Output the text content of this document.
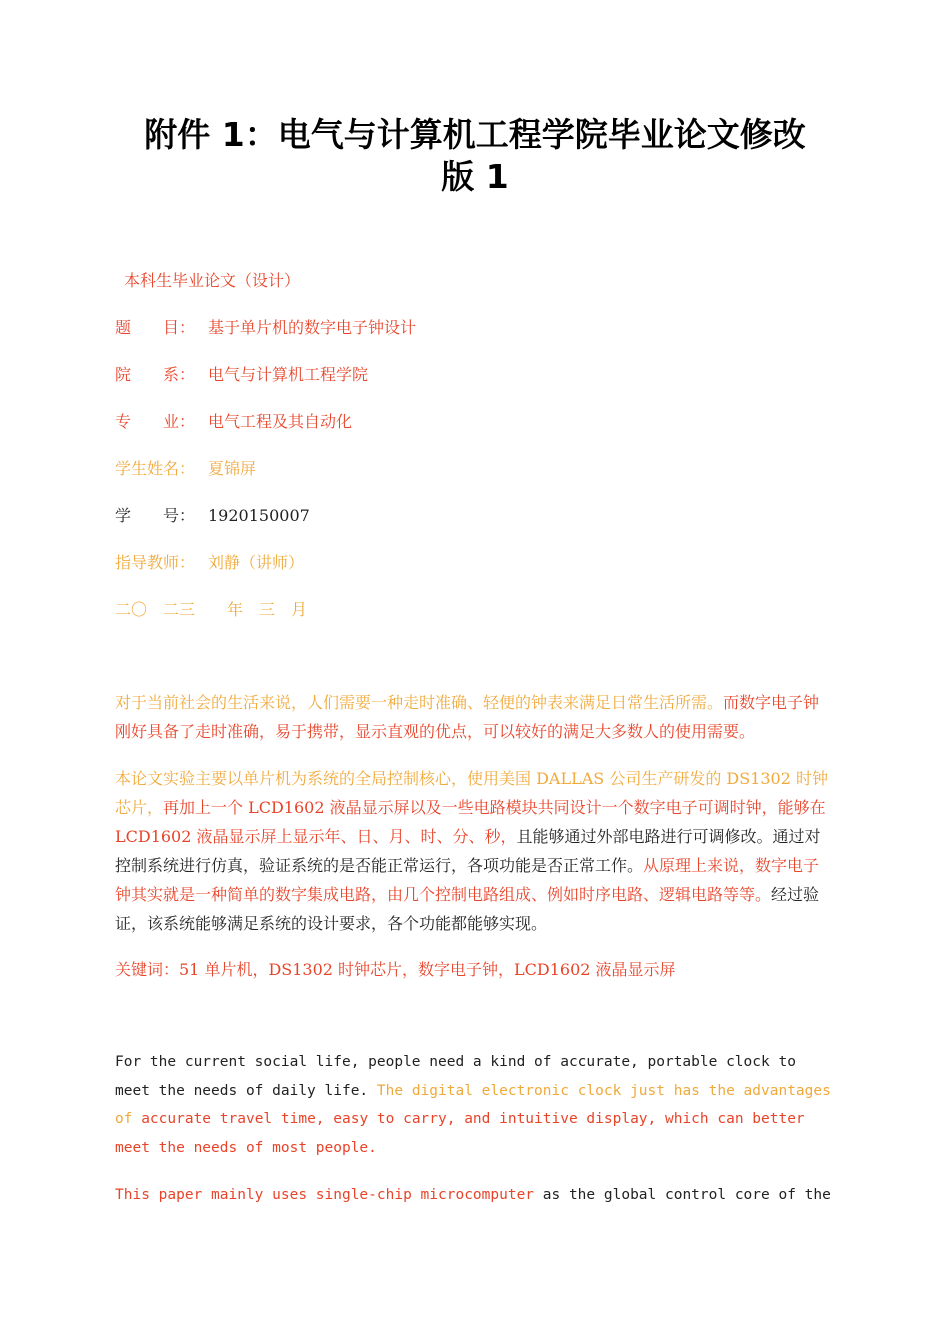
附件 1：电气与计算机工程学院毕业论文修改
版 1
本科生毕业论文（设计）
题　　目： 基于单片机的数字电子钟设计
院　　系： 电气与计算机工程学院
专　　业： 电气工程及其自动化
学生姓名： 夏锦屏
学　　号： 1920150007
指导教师： 刘静（讲师）
二〇　二三　　年　三　月
对于当前社会的生活来说，人们需要一种走时准确、轻便的钟表来满足日常生活所需。而数字电子钟刚好具备了走时准确，易于携带，显示直观的优点，可以较好的满足大多数人的使用需要。
本论文实验主要以单片机为系统的全局控制核心，使用美国 DALLAS 公司生产研发的 DS1302 时钟芯片，再加上一个 LCD1602 液晶显示屏以及一些电路模块共同设计一个数字电子可调时钟，能够在 LCD1602 液晶显示屏上显示年、日、月、时、分、秒，且能够通过外部电路进行可调修改。通过对控制系统进行仿真，验证系统的是否能正常运行，各项功能是否正常工作。从原理上来说，数字电子钟其实就是一种简单的数字集成电路，由几个控制电路组成、例如时序电路、逻辑电路等等。经过验证，该系统能够满足系统的设计要求，各个功能都能够实现。
关键词：51 单片机，DS1302 时钟芯片，数字电子钟，LCD1602 液晶显示屏
For the current social life, people need a kind of accurate, portable clock to meet the needs of daily life. The digital electronic clock just has the advantages of accurate travel time, easy to carry, and intuitive display, which can better meet the needs of most people.
This paper mainly uses single-chip microcomputer as the global control core of the
